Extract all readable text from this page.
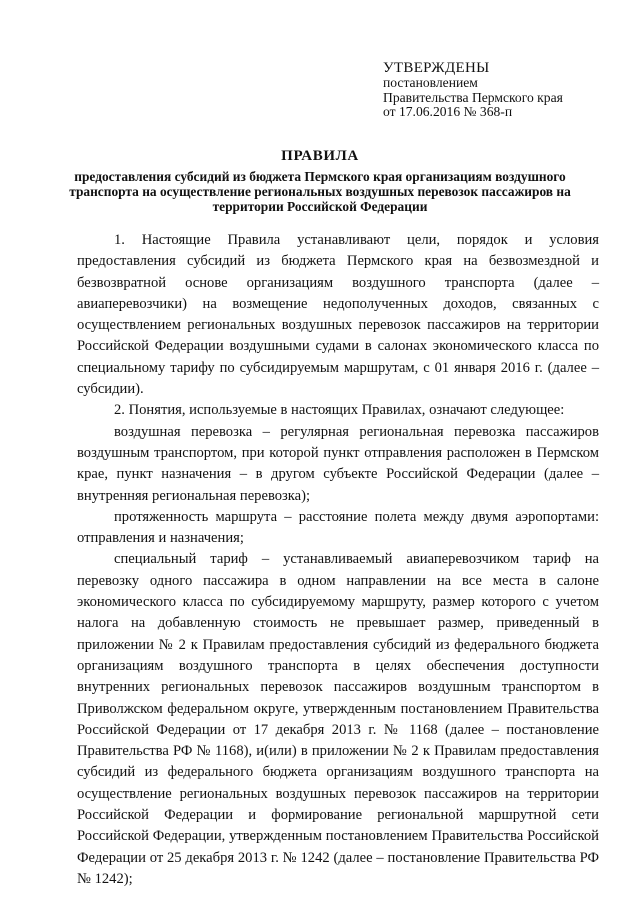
УТВЕРЖДЕНЫ
постановлением
Правительства Пермского края
от 17.06.2016 № 368-п
ПРАВИЛА
предоставления субсидий из бюджета Пермского края организациям воздушного транспорта на осуществление региональных воздушных перевозок пассажиров на территории Российской Федерации

1. Настоящие Правила устанавливают цели, порядок и условия предоставления субсидий из бюджета Пермского края на безвозмездной и безвозвратной основе организациям воздушного транспорта (далее – авиаперевозчики) на возмещение недополученных доходов, связанных с осуществлением региональных воздушных перевозок пассажиров на территории Российской Федерации воздушными судами в салонах экономического класса по специальному тарифу по субсидируемым маршрутам, с 01 января 2016 г. (далее – субсидии).

2. Понятия, используемые в настоящих Правилах, означают следующее:

воздушная перевозка – регулярная региональная перевозка пассажиров воздушным транспортом, при которой пункт отправления расположен в Пермском крае, пункт назначения – в другом субъекте Российской Федерации (далее – внутренняя региональная перевозка);

протяженность маршрута – расстояние полета между двумя аэропортами: отправления и назначения;

специальный тариф – устанавливаемый авиаперевозчиком тариф на перевозку одного пассажира в одном направлении на все места в салоне экономического класса по субсидируемому маршруту, размер которого с учетом налога на добавленную стоимость не превышает размер, приведенный в приложении № 2 к Правилам предоставления субсидий из федерального бюджета организациям воздушного транспорта в целях обеспечения доступности внутренних региональных перевозок пассажиров воздушным транспортом в Приволжском федеральном округе, утвержденным постановлением Правительства Российской Федерации от 17 декабря 2013 г. № 1168 (далее – постановление Правительства РФ № 1168), и(или) в приложении № 2 к Правилам предоставления субсидий из федерального бюджета организациям воздушного транспорта на осуществление региональных воздушных перевозок пассажиров на территории Российской Федерации и формирование региональной маршрутной сети Российской Федерации, утвержденным постановлением Правительства Российской Федерации от 25 декабря 2013 г. № 1242 (далее – постановление Правительства РФ № 1242);
